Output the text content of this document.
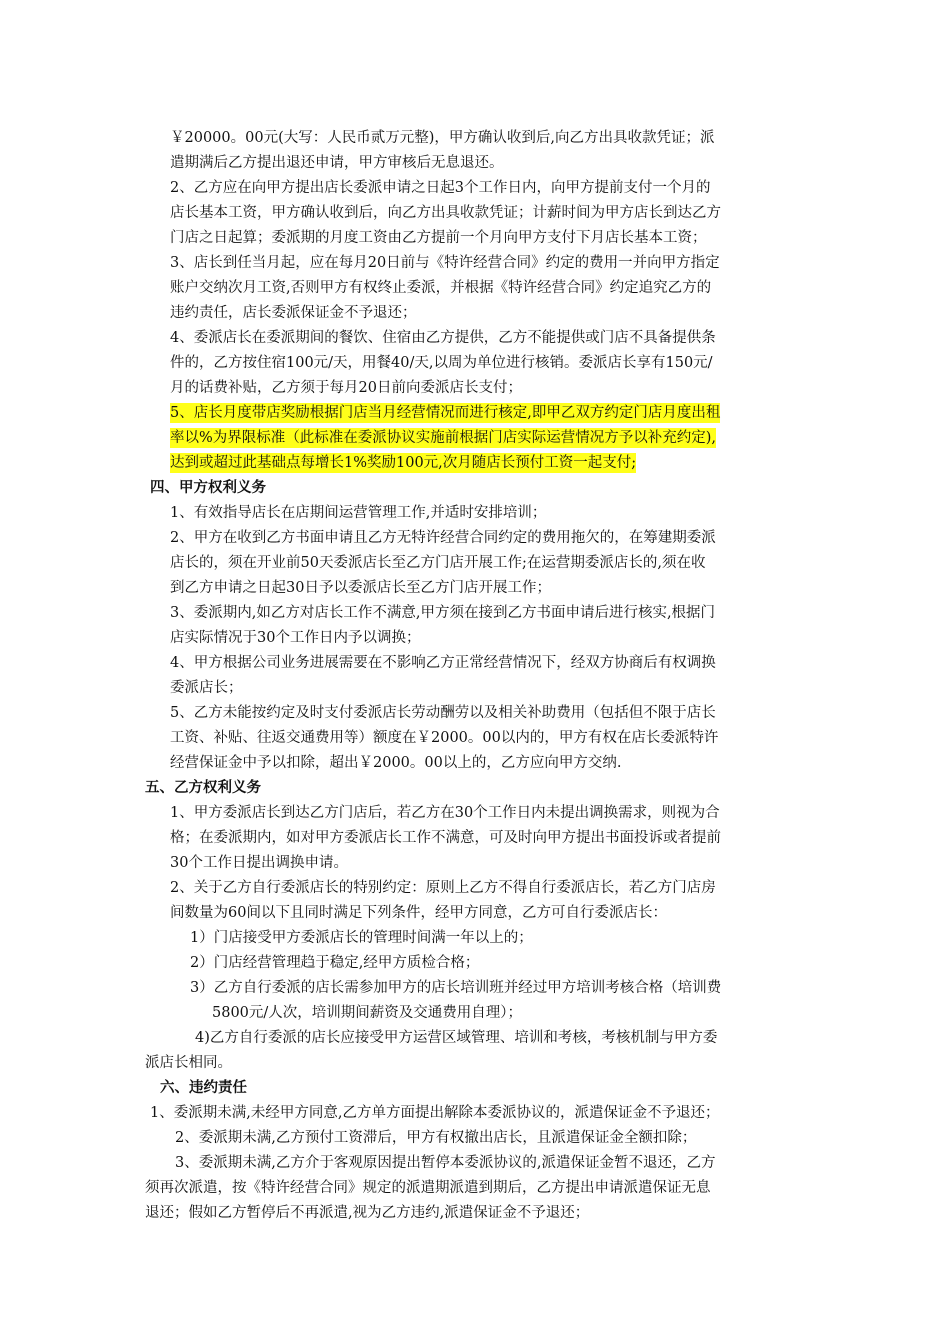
￥20000。00元(大写：人民币贰万元整)，甲方确认收到后,向乙方出具收款凭证；派
遣期满后乙方提出退还申请，甲方审核后无息退还。
2、乙方应在向甲方提出店长委派申请之日起3个工作日内，向甲方提前支付一个月的
店长基本工资，甲方确认收到后，向乙方出具收款凭证；计薪时间为甲方店长到达乙方
门店之日起算；委派期的月度工资由乙方提前一个月向甲方支付下月店长基本工资；
3、店长到任当月起，应在每月20日前与《特许经营合同》约定的费用一并向甲方指定
账户交纳次月工资,否则甲方有权终止委派，并根据《特许经营合同》约定追究乙方的
违约责任，店长委派保证金不予退还；
4、委派店长在委派期间的餐饮、住宿由乙方提供，乙方不能提供或门店不具备提供条
件的，乙方按住宿100元/天，用餐40/天,以周为单位进行核销。委派店长享有150元/
月的话费补贴，乙方须于每月20日前向委派店长支付；
5、店长月度带店奖励根据门店当月经营情况而进行核定,即甲乙双方约定门店月度出租
率以%为界限标准（此标准在委派协议实施前根据门店实际运营情况方予以补充约定),
达到或超过此基础点每增长1%奖励100元,次月随店长预付工资一起支付;
四、甲方权利义务
1、有效指导店长在店期间运营管理工作,并适时安排培训；
2、甲方在收到乙方书面申请且乙方无特许经营合同约定的费用拖欠的，在筹建期委派
店长的，须在开业前50天委派店长至乙方门店开展工作;在运营期委派店长的,须在收
到乙方申请之日起30日予以委派店长至乙方门店开展工作；
3、委派期内,如乙方对店长工作不满意,甲方须在接到乙方书面申请后进行核实,根据门
店实际情况于30个工作日内予以调换；
4、甲方根据公司业务进展需要在不影响乙方正常经营情况下，经双方协商后有权调换
委派店长；
5、乙方未能按约定及时支付委派店长劳动酬劳以及相关补助费用（包括但不限于店长
工资、补贴、往返交通费用等）额度在￥2000。00以内的，甲方有权在店长委派特许
经营保证金中予以扣除，超出￥2000。00以上的，乙方应向甲方交纳.
五、乙方权利义务
1、甲方委派店长到达乙方门店后，若乙方在30个工作日内未提出调换需求，则视为合
格；在委派期内，如对甲方委派店长工作不满意，可及时向甲方提出书面投诉或者提前
30个工作日提出调换申请。
2、关于乙方自行委派店长的特别约定：原则上乙方不得自行委派店长，若乙方门店房
间数量为60间以下且同时满足下列条件，经甲方同意，乙方可自行委派店长：
1）门店接受甲方委派店长的管理时间满一年以上的；
2）门店经营管理趋于稳定,经甲方质检合格；
3）乙方自行委派的店长需参加甲方的店长培训班并经过甲方培训考核合格（培训费
5800元/人次，培训期间薪资及交通费用自理）；
4)乙方自行委派的店长应接受甲方运营区域管理、培训和考核，考核机制与甲方委
派店长相同。
六、违约责任
1、委派期未满,未经甲方同意,乙方单方面提出解除本委派协议的，派遣保证金不予退还；
2、委派期未满,乙方预付工资滞后，甲方有权撤出店长，且派遣保证金全额扣除；
3、委派期未满,乙方介于客观原因提出暂停本委派协议的,派遣保证金暂不退还，乙方
须再次派遣，按《特许经营合同》规定的派遣期派遣到期后，乙方提出申请派遣保证无息
退还；假如乙方暂停后不再派遣,视为乙方违约,派遣保证金不予退还；
